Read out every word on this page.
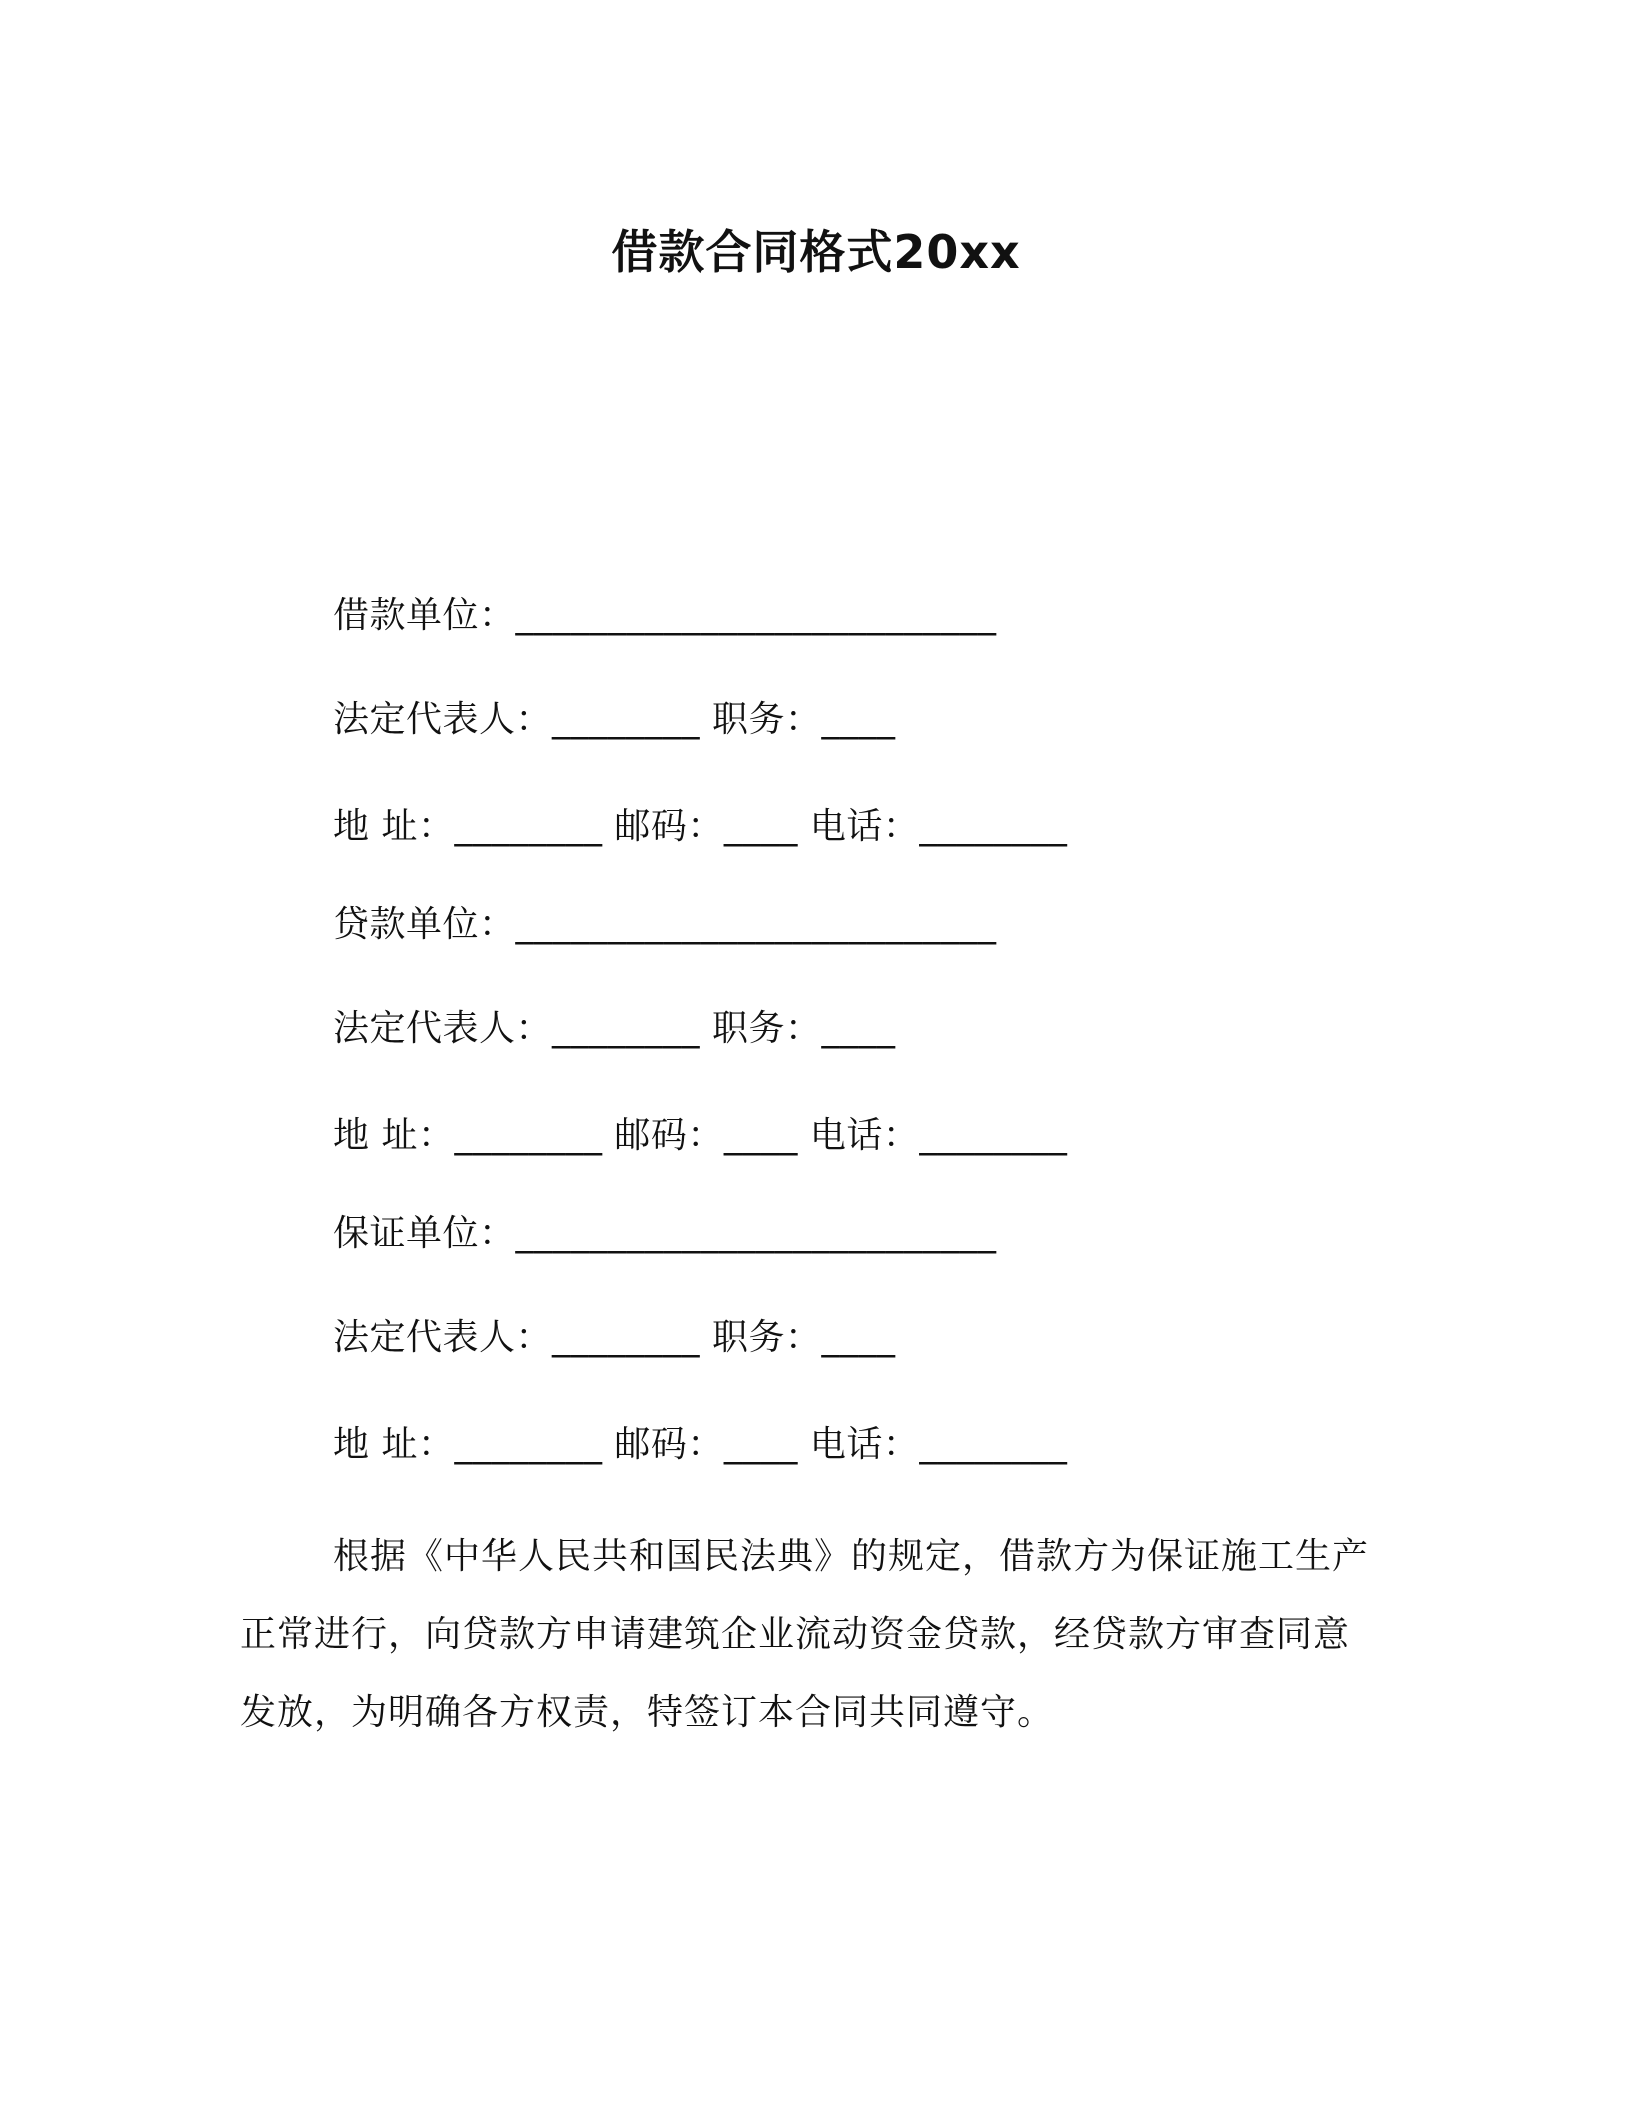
借款合同格式20xx
借款单位：__________________________
法定代表人：________ 职务：____
地 址：________ 邮码：____ 电话：________
贷款单位：__________________________
法定代表人：________ 职务：____
地 址：________ 邮码：____ 电话：________
保证单位：__________________________
法定代表人：________ 职务：____
地 址：________ 邮码：____ 电话：________
根据《中华人民共和国民法典》的规定，借款方为保证施工生产正常进行，向贷款方申请建筑企业流动资金贷款，经贷款方审查同意发放，为明确各方权责，特签订本合同共同遵守。
